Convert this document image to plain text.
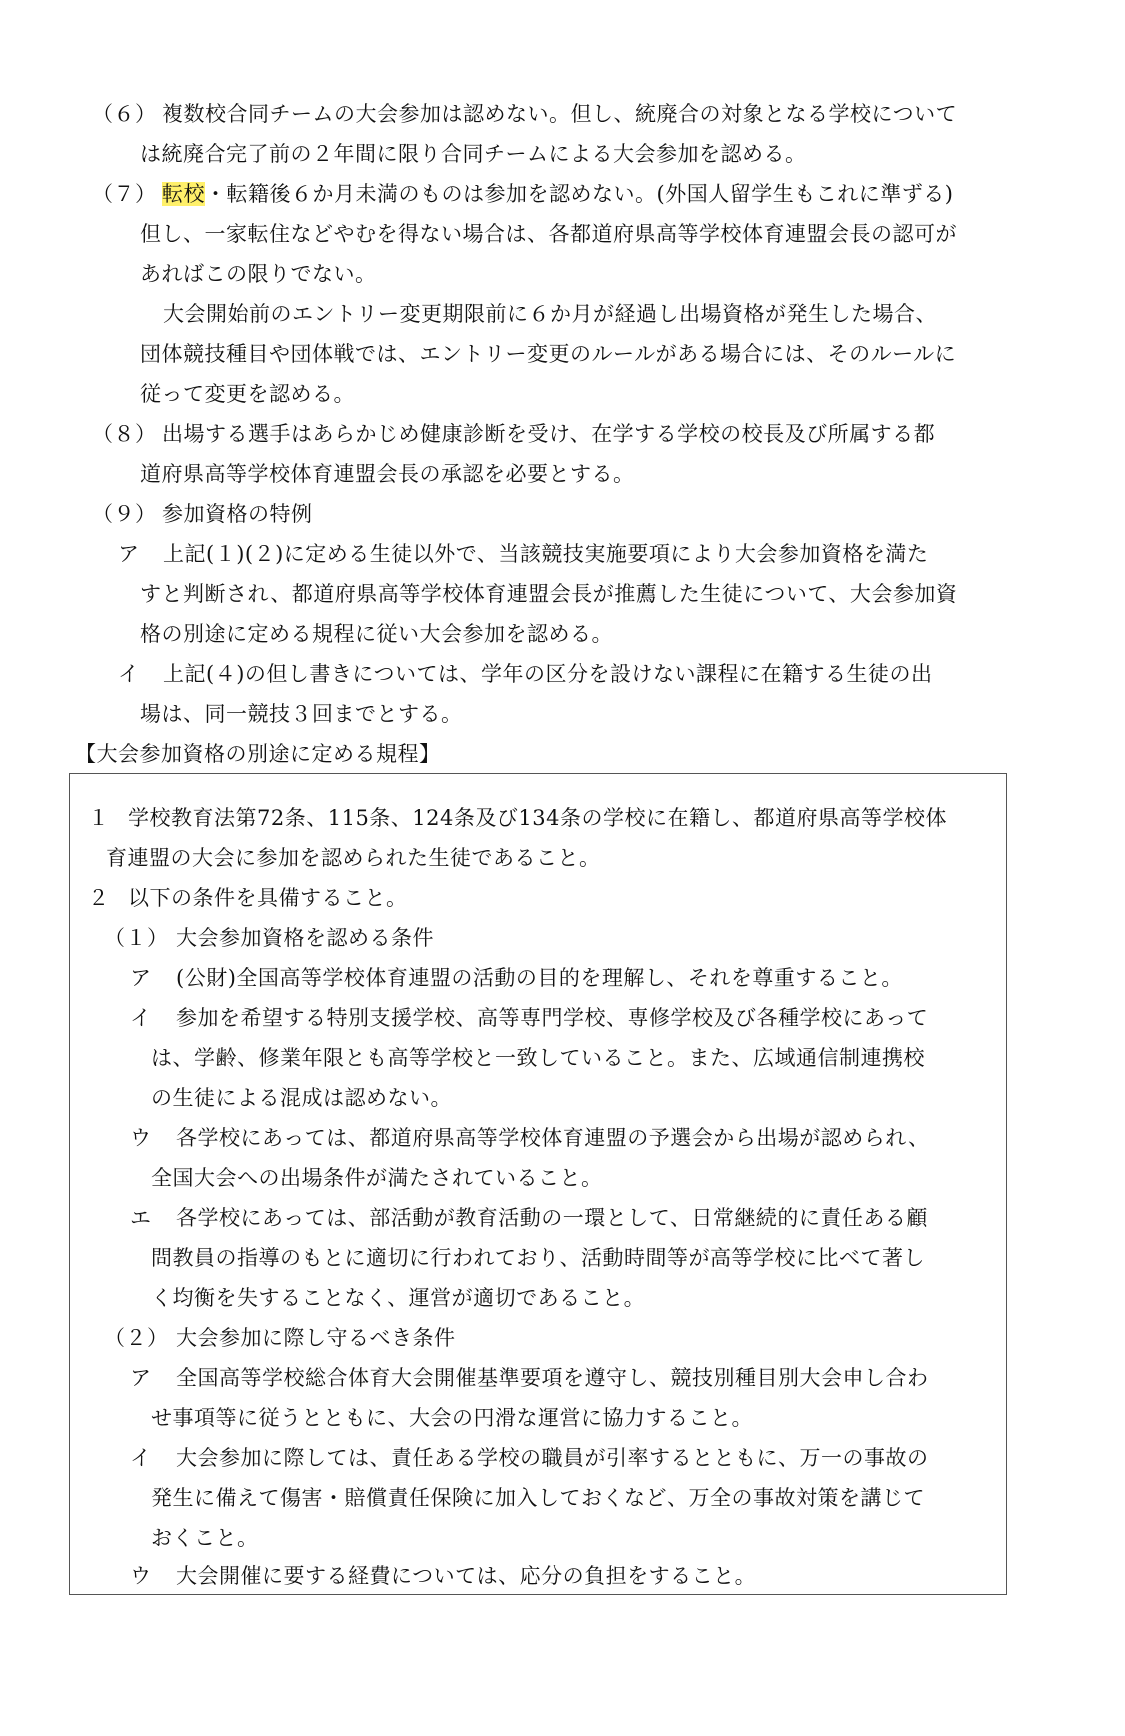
（６） 複数校合同チームの大会参加は認めない。但し、統廃合の対象となる学校について
は統廃合完了前の２年間に限り合同チームによる大会参加を認める。
（７） 転校・転籍後６か月未満のものは参加を認めない。(外国人留学生もこれに準ずる)
但し、一家転住などやむを得ない場合は、各都道府県高等学校体育連盟会長の認可が
あればこの限りでない。
大会開始前のエントリー変更期限前に６か月が経過し出場資格が発生した場合、
団体競技種目や団体戦では、エントリー変更のルールがある場合には、そのルールに
従って変更を認める。
（８） 出場する選手はあらかじめ健康診断を受け、在学する学校の校長及び所属する都
道府県高等学校体育連盟会長の承認を必要とする。
（９） 参加資格の特例
ア 上記(１)(２)に定める生徒以外で、当該競技実施要項により大会参加資格を満た
すと判断され、都道府県高等学校体育連盟会長が推薦した生徒について、大会参加資
格の別途に定める規程に従い大会参加を認める。
イ 上記(４)の但し書きについては、学年の区分を設けない課程に在籍する生徒の出
場は、同一競技３回までとする。
【大会参加資格の別途に定める規程】
１ 学校教育法第72条、115条、124条及び134条の学校に在籍し、都道府県高等学校体
育連盟の大会に参加を認められた生徒であること。
２ 以下の条件を具備すること。
（１） 大会参加資格を認める条件
ア (公財)全国高等学校体育連盟の活動の目的を理解し、それを尊重すること。
イ 参加を希望する特別支援学校、高等専門学校、専修学校及び各種学校にあって
は、学齢、修業年限とも高等学校と一致していること。また、広域通信制連携校
の生徒による混成は認めない。
ウ 各学校にあっては、都道府県高等学校体育連盟の予選会から出場が認められ、
全国大会への出場条件が満たされていること。
エ 各学校にあっては、部活動が教育活動の一環として、日常継続的に責任ある顧
問教員の指導のもとに適切に行われており、活動時間等が高等学校に比べて著し
く均衡を失することなく、運営が適切であること。
（２） 大会参加に際し守るべき条件
ア 全国高等学校総合体育大会開催基準要項を遵守し、競技別種目別大会申し合わ
せ事項等に従うとともに、大会の円滑な運営に協力すること。
イ 大会参加に際しては、責任ある学校の職員が引率するとともに、万一の事故の
発生に備えて傷害・賠償責任保険に加入しておくなど、万全の事故対策を講じて
おくこと。
ウ 大会開催に要する経費については、応分の負担をすること。
